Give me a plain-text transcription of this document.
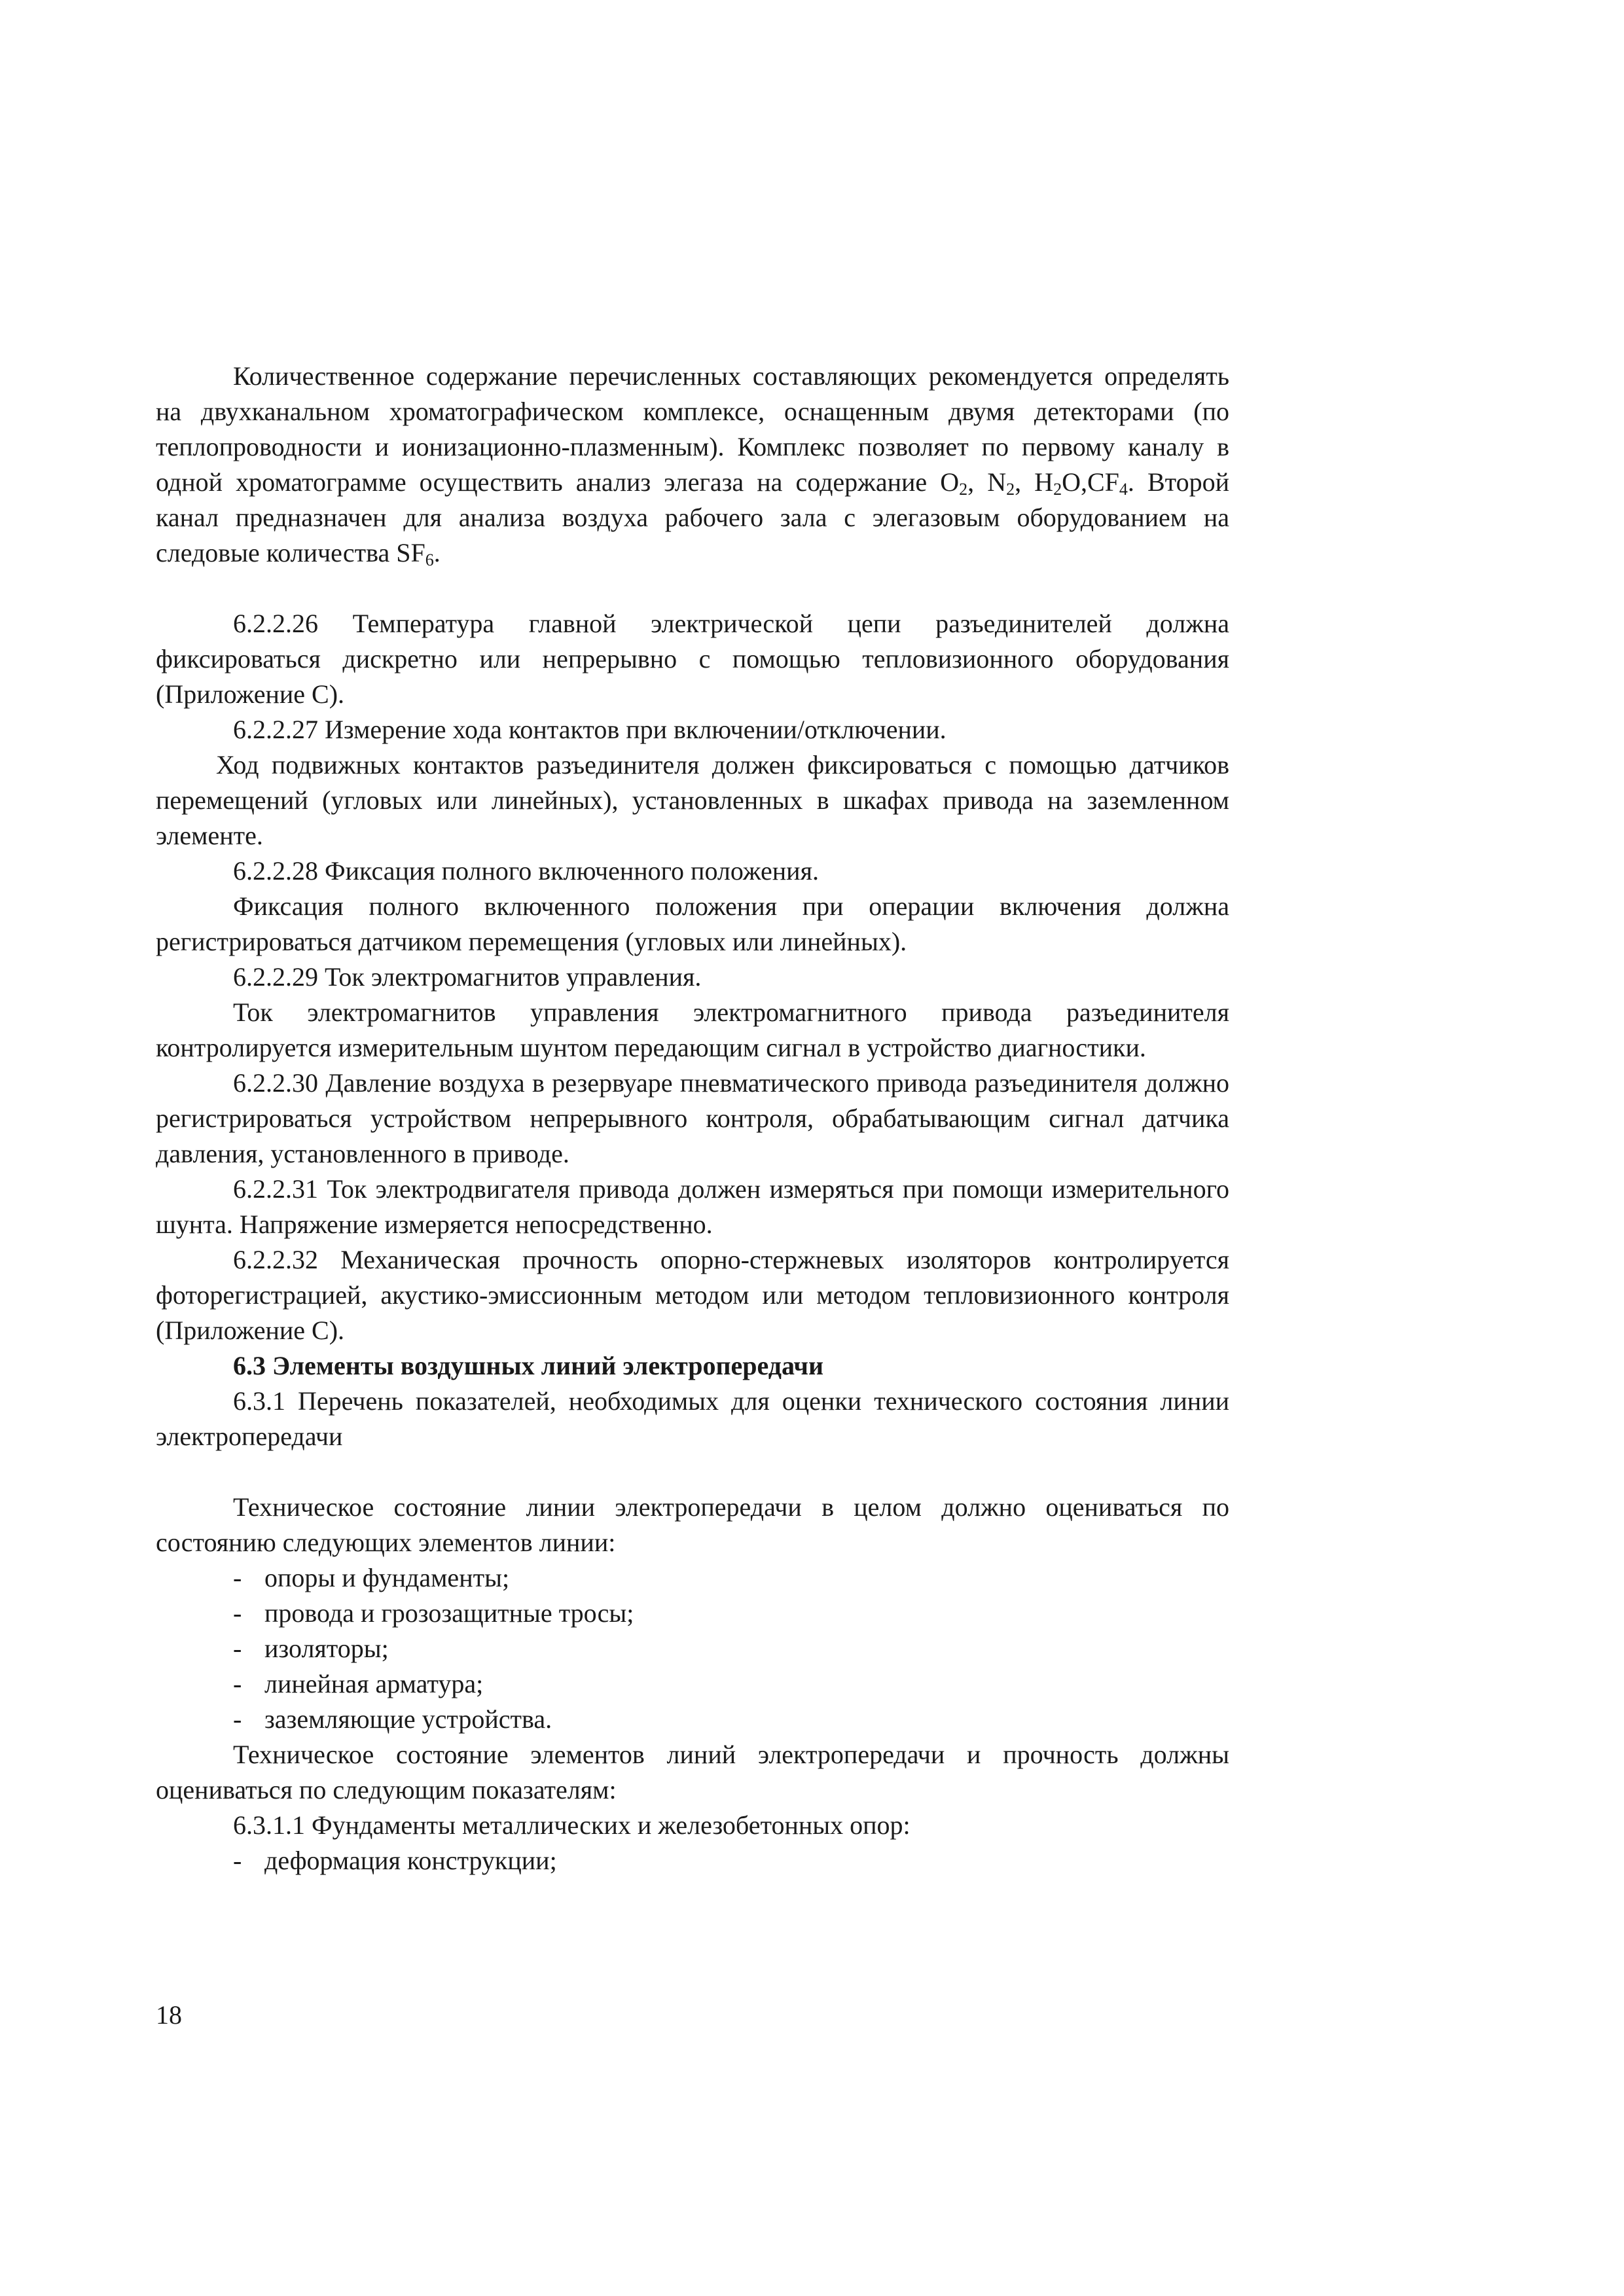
Количественное содержание перечисленных составляющих рекомендуется определять на двухканальном хроматографическом комплексе, оснащенным двумя детекторами (по теплопроводности и ионизационно-плазменным). Комплекс позволяет по первому каналу в одной хроматограмме осуществить анализ элегаза на содержание $O_2$, $N_2$, $H_2O,CF_4$. Второй канал предназначен для анализа воздуха рабочего зала с элегазовым оборудованием на следовые количества $SF_6$.

6.2.2.26 Температура главной электрической цепи разъединителей должна фиксироваться дискретно или непрерывно с помощью тепловизионного оборудования (Приложение С).

6.2.2.27 Измерение хода контактов при включении/отключении.

Ход подвижных контактов разъединителя должен фиксироваться с помощью датчиков перемещений (угловых или линейных), установленных в шкафах привода на заземленном элементе.

6.2.2.28 Фиксация полного включенного положения.

Фиксация полного включенного положения при операции включения должна регистрироваться датчиком перемещения (угловых или линейных).

6.2.2.29 Ток электромагнитов управления.

Ток электромагнитов управления электромагнитного привода разъединителя контролируется измерительным шунтом передающим сигнал в устройство диагностики.

6.2.2.30 Давление воздуха в резервуаре пневматического привода разъединителя должно регистрироваться устройством непрерывного контроля, обрабатывающим сигнал датчика давления, установленного в приводе.

6.2.2.31 Ток электродвигателя привода должен измеряться при помощи измерительного шунта. Напряжение измеряется непосредственно.

6.2.2.32 Механическая прочность опорно-стержневых изоляторов контролируется фоторегистрацией, акустико-эмиссионным методом или методом тепловизионного контроля (Приложение С).

6.3 Элементы воздушных линий электропередачи

6.3.1 Перечень показателей, необходимых для оценки технического состояния линии электропередачи

Техническое состояние линии электропередачи в целом должно оцениваться по состоянию следующих элементов линии:

- опоры и фундаменты;

- провода и грозозащитные тросы;

- изоляторы;

- линейная арматура;

- заземляющие устройства.

Техническое состояние элементов линий электропередачи и прочность должны оцениваться по следующим показателям:

6.3.1.1 Фундаменты металлических и железобетонных опор:

- деформация конструкции;

18
